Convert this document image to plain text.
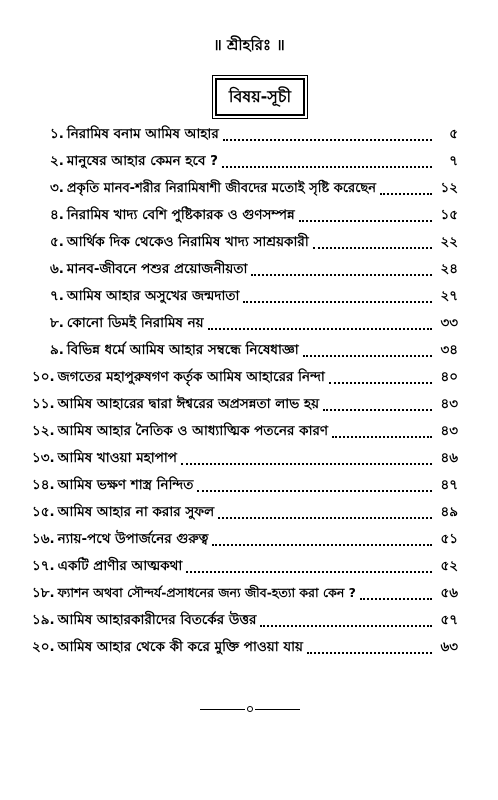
॥ শ্রীহরিঃ ॥
বিষয়-সূচী
১. নিরামিষ বনাম আমিষ আহার	৫
২. মানুষের আহার কেমন হবে ?	৭
৩. প্রকৃতি মানব-শরীর নিরামিষাশী জীবদের মতোই সৃষ্টি করেছেন	১২
৪. নিরামিষ খাদ্য বেশি পুষ্টিকারক ও গুণসম্পন্ন	১৫
৫. আর্থিক দিক থেকেও নিরামিষ খাদ্য সাশ্রয়কারী	২২
৬. মানব-জীবনে পশুর প্রয়োজনীয়তা	২৪
৭. আমিষ আহার অসুখের জন্মদাতা	২৭
৮. কোনো ডিমই নিরামিষ নয়	৩৩
৯. বিভিন্ন ধর্মে আমিষ আহার সম্বন্ধে নিষেধাজ্ঞা	৩৪
১০. জগতের মহাপুরুষগণ কর্তৃক আমিষ আহারের নিন্দা	৪০
১১. আমিষ আহারের দ্বারা ঈশ্বরের অপ্রসন্নতা লাভ হয়	৪৩
১২. আমিষ আহার নৈতিক ও আধ্যাত্মিক পতনের কারণ	৪৩
১৩. আমিষ খাওয়া মহাপাপ	৪৬
১৪. আমিষ ভক্ষণ শাস্ত্র নিন্দিত	৪৭
১৫. আমিষ আহার না করার সুফল	৪৯
১৬. ন্যায়-পথে উপার্জনের গুরুত্ব	৫১
১৭. একটি প্রাণীর আত্মকথা	৫২
১৮. ফ্যাশন অথবা সৌন্দর্য-প্রসাধনের জন্য জীব-হত্যা করা কেন ?	৫৬
১৯. আমিষ আহারকারীদের বিতর্কের উত্তর	৫৭
২০. আমিষ আহার থেকে কী করে মুক্তি পাওয়া যায়	৬৩
